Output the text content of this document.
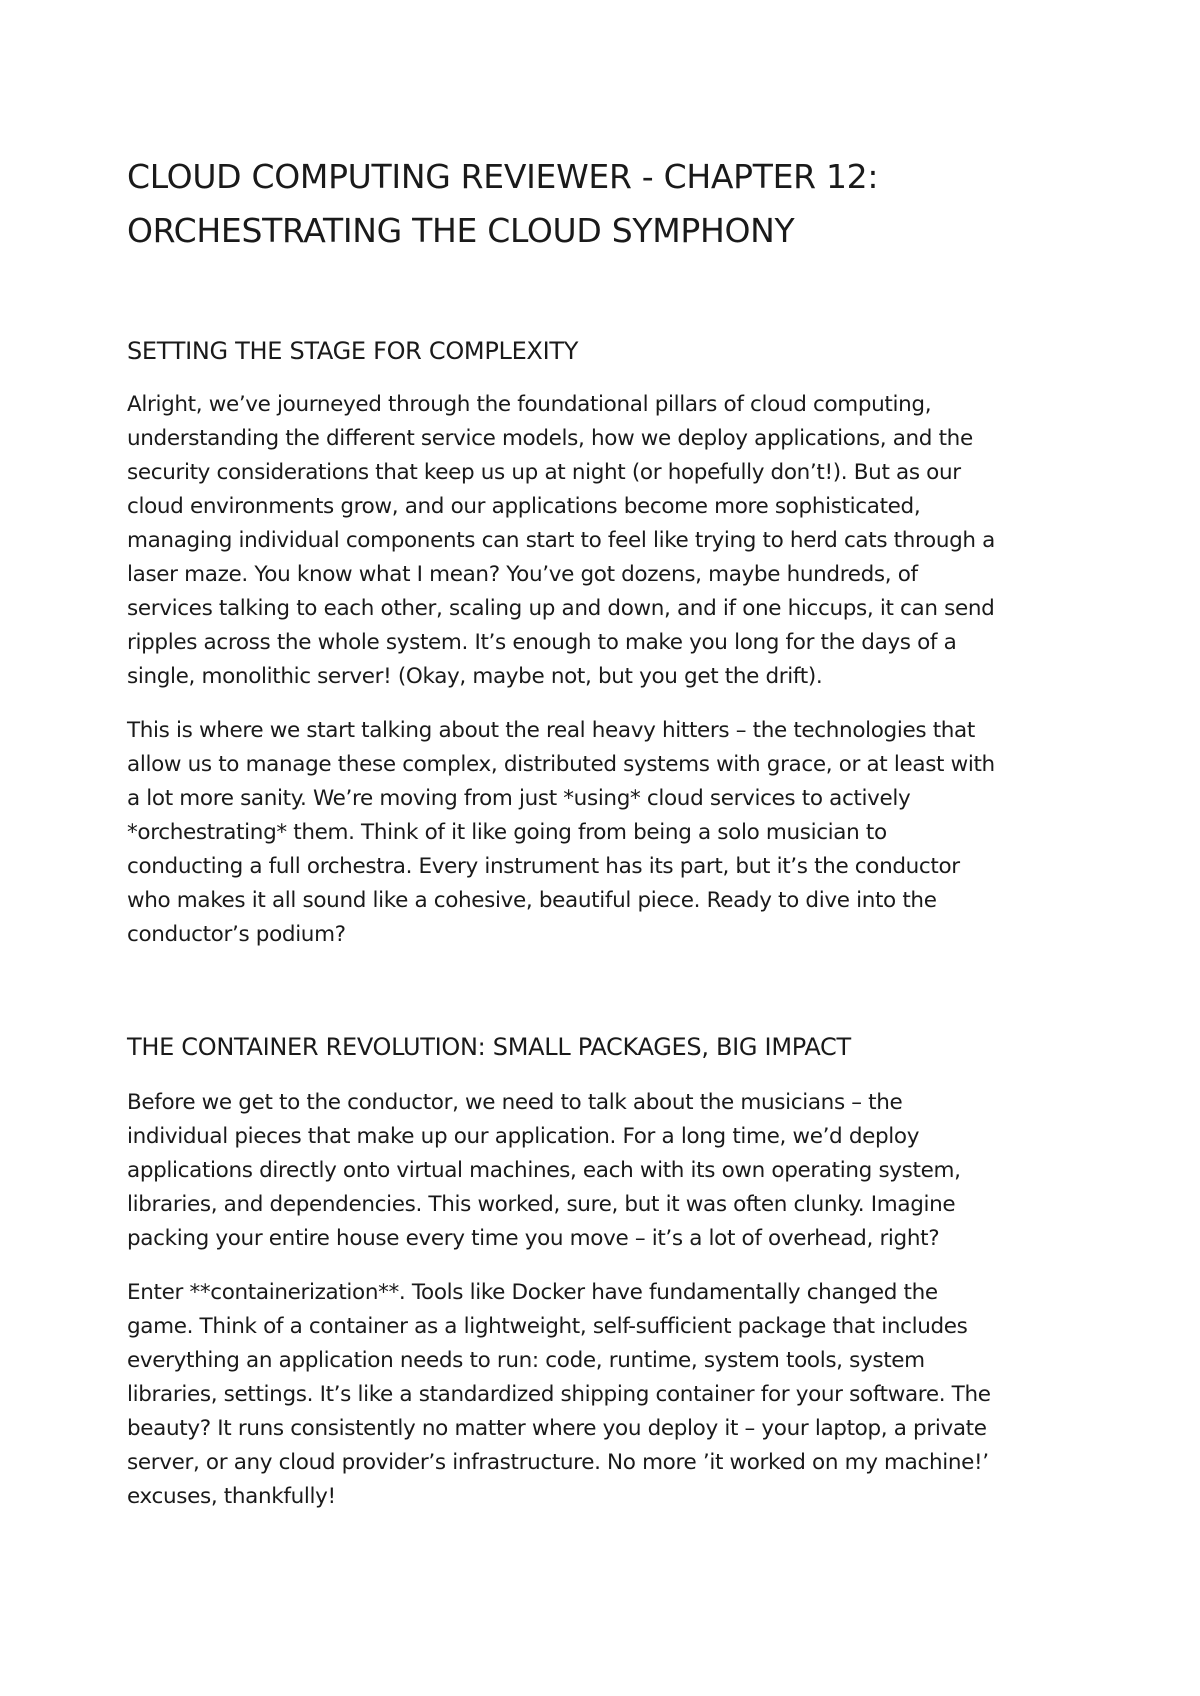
CLOUD COMPUTING REVIEWER - CHAPTER 12:
ORCHESTRATING THE CLOUD SYMPHONY
SETTING THE STAGE FOR COMPLEXITY

Alright, we’ve journeyed through the foundational pillars of cloud computing,
understanding the different service models, how we deploy applications, and the
security considerations that keep us up at night (or hopefully don’t!). But as our
cloud environments grow, and our applications become more sophisticated,
managing individual components can start to feel like trying to herd cats through a
laser maze. You know what I mean? You’ve got dozens, maybe hundreds, of
services talking to each other, scaling up and down, and if one hiccups, it can send
ripples across the whole system. It’s enough to make you long for the days of a
single, monolithic server! (Okay, maybe not, but you get the drift).

This is where we start talking about the real heavy hitters – the technologies that
allow us to manage these complex, distributed systems with grace, or at least with
a lot more sanity. We’re moving from just *using* cloud services to actively
*orchestrating* them. Think of it like going from being a solo musician to
conducting a full orchestra. Every instrument has its part, but it’s the conductor
who makes it all sound like a cohesive, beautiful piece. Ready to dive into the
conductor’s podium?

THE CONTAINER REVOLUTION: SMALL PACKAGES, BIG IMPACT

Before we get to the conductor, we need to talk about the musicians – the
individual pieces that make up our application. For a long time, we’d deploy
applications directly onto virtual machines, each with its own operating system,
libraries, and dependencies. This worked, sure, but it was often clunky. Imagine
packing your entire house every time you move – it’s a lot of overhead, right?

Enter **containerization**. Tools like Docker have fundamentally changed the
game. Think of a container as a lightweight, self-sufficient package that includes
everything an application needs to run: code, runtime, system tools, system
libraries, settings. It’s like a standardized shipping container for your software. The
beauty? It runs consistently no matter where you deploy it – your laptop, a private
server, or any cloud provider’s infrastructure. No more ’it worked on my machine!’
excuses, thankfully!
